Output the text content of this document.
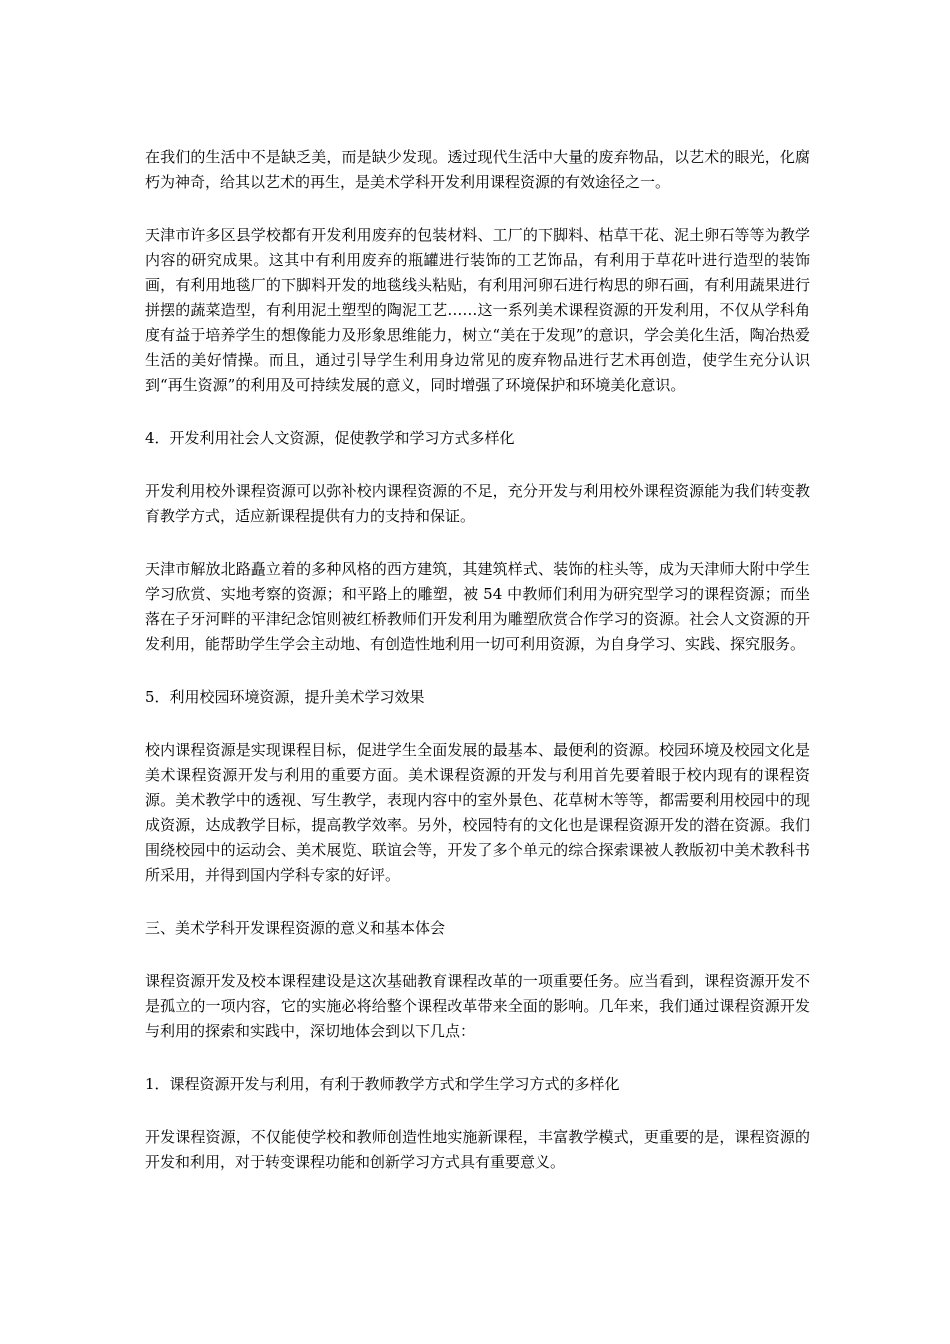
在我们的生活中不是缺乏美，而是缺少发现。透过现代生活中大量的废弃物品，以艺术的眼光，化腐朽为神奇，给其以艺术的再生，是美术学科开发利用课程资源的有效途径之一。

天津市许多区县学校都有开发利用废弃的包装材料、工厂的下脚料、枯草干花、泥土卵石等等为教学内容的研究成果。这其中有利用废弃的瓶罐进行装饰的工艺饰品，有利用于草花叶进行造型的装饰画，有利用地毯厂的下脚料开发的地毯线头粘贴，有利用河卵石进行构思的卵石画，有利用蔬果进行拼摆的蔬菜造型，有利用泥土塑型的陶泥工艺……这一系列美术课程资源的开发利用，不仅从学科角度有益于培养学生的想像能力及形象思维能力，树立“美在于发现”的意识，学会美化生活，陶冶热爱生活的美好情操。而且，通过引导学生利用身边常见的废弃物品进行艺术再创造，使学生充分认识到“再生资源”的利用及可持续发展的意义，同时增强了环境保护和环境美化意识。

4．开发利用社会人文资源，促使教学和学习方式多样化

开发利用校外课程资源可以弥补校内课程资源的不足，充分开发与利用校外课程资源能为我们转变教育教学方式，适应新课程提供有力的支持和保证。

天津市解放北路矗立着的多种风格的西方建筑，其建筑样式、装饰的柱头等，成为天津师大附中学生学习欣赏、实地考察的资源；和平路上的雕塑，被 54 中教师们利用为研究型学习的课程资源；而坐落在子牙河畔的平津纪念馆则被红桥教师们开发利用为雕塑欣赏合作学习的资源。社会人文资源的开发利用，能帮助学生学会主动地、有创造性地利用一切可利用资源，为自身学习、实践、探究服务。

5．利用校园环境资源，提升美术学习效果

校内课程资源是实现课程目标，促进学生全面发展的最基本、最便利的资源。校园环境及校园文化是美术课程资源开发与利用的重要方面。美术课程资源的开发与利用首先要着眼于校内现有的课程资源。美术教学中的透视、写生教学，表现内容中的室外景色、花草树木等等，都需要利用校园中的现成资源，达成教学目标，提高教学效率。另外，校园特有的文化也是课程资源开发的潜在资源。我们围绕校园中的运动会、美术展览、联谊会等，开发了多个单元的综合探索课被人教版初中美术教科书所采用，并得到国内学科专家的好评。

三、美术学科开发课程资源的意义和基本体会

课程资源开发及校本课程建设是这次基础教育课程改革的一项重要任务。应当看到，课程资源开发不是孤立的一项内容，它的实施必将给整个课程改革带来全面的影响。几年来，我们通过课程资源开发与利用的探索和实践中，深切地体会到以下几点：

1．课程资源开发与利用，有利于教师教学方式和学生学习方式的多样化

开发课程资源，不仅能使学校和教师创造性地实施新课程，丰富教学模式，更重要的是，课程资源的开发和利用，对于转变课程功能和创新学习方式具有重要意义。
